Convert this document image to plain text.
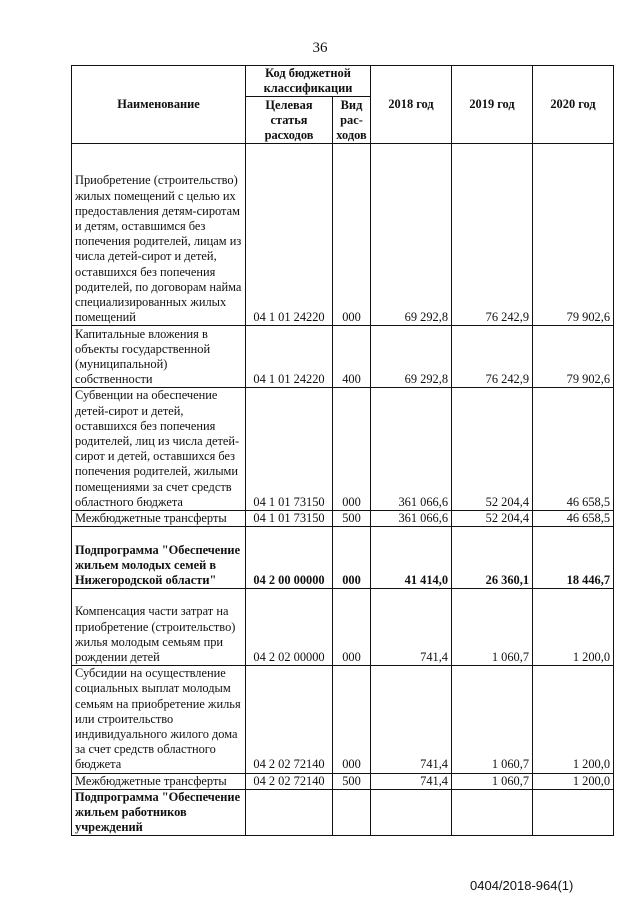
36
Наименование	Код бюджетной классификации		2018 год	2019 год	2020 год
	Целевая статья расходов	Вид рас-ходов			
Приобретение (строительство) жилых помещений с целью их предоставления детям-сиротам и детям, оставшимся без попечения родителей, лицам из числа детей-сирот и детей, оставшихся без попечения родителей, по договорам найма специализированных жилых помещений	04 1 01 24220	000	69 292,8	76 242,9	79 902,6
Капитальные вложения в объекты государственной (муниципальной) собственности	04 1 01 24220	400	69 292,8	76 242,9	79 902,6
Субвенции на обеспечение детей-сирот и детей, оставшихся без попечения родителей, лиц из числа детей-сирот и детей, оставшихся без попечения родителей, жилыми помещениями за счет средств областного бюджета	04 1 01 73150	000	361 066,6	52 204,4	46 658,5
Межбюджетные трансферты	04 1 01 73150	500	361 066,6	52 204,4	46 658,5
Подпрограмма "Обеспечение жильем молодых семей в Нижегородской области"	04 2 00 00000	000	41 414,0	26 360,1	18 446,7
Компенсация части затрат на приобретение (строительство) жилья молодым семьям при рождении детей	04 2 02 00000	000	741,4	1 060,7	1 200,0
Субсидии на осуществление социальных выплат молодым семьям на приобретение жилья или строительство индивидуального жилого дома за счет средств областного бюджета	04 2 02 72140	000	741,4	1 060,7	1 200,0
Межбюджетные трансферты	04 2 02 72140	500	741,4	1 060,7	1 200,0
Подпрограмма "Обеспечение жильем работников учреждений					
0404/2018-964(1)
